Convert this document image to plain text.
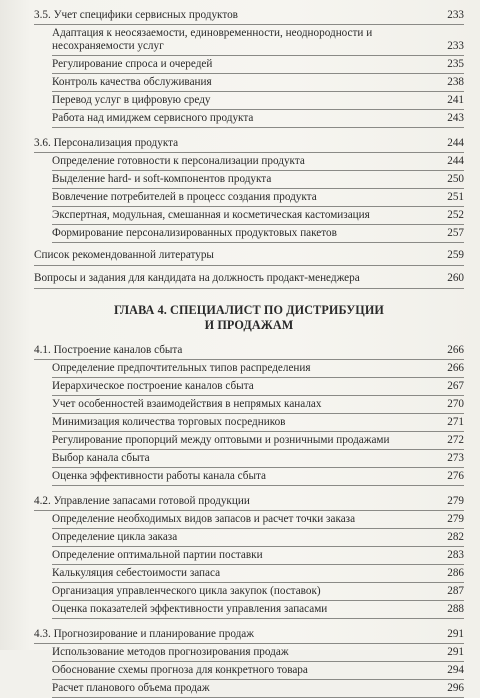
3.5. Учет специфики сервисных продуктов	233
Адаптация к неосязаемости, единовременности, неоднородности и несохраняемости услуг	233
Регулирование спроса и очередей	235
Контроль качества обслуживания	238
Перевод услуг в цифровую среду	241
Работа над имиджем сервисного продукта	243
3.6. Персонализация продукта	244
Определение готовности к персонализации продукта	244
Выделение hard- и soft-компонентов продукта	250
Вовлечение потребителей в процесс создания продукта	251
Экспертная, модульная, смешанная и косметическая кастомизация	252
Формирование персонализированных продуктовых пакетов	257
Список рекомендованной литературы	259
Вопросы и задания для кандидата на должность продакт-менеджера	260
ГЛАВА 4. СПЕЦИАЛИСТ ПО ДИСТРИБУЦИИ
И ПРОДАЖАМ
4.1. Построение каналов сбыта	266
Определение предпочтительных типов распределения	266
Иерархическое построение каналов сбыта	267
Учет особенностей взаимодействия в непрямых каналах	270
Минимизация количества торговых посредников	271
Регулирование пропорций между оптовыми и розничными продажами	272
Выбор канала сбыта	273
Оценка эффективности работы канала сбыта	276
4.2. Управление запасами готовой продукции	279
Определение необходимых видов запасов и расчет точки заказа	279
Определение цикла заказа	282
Определение оптимальной партии поставки	283
Калькуляция себестоимости запаса	286
Организация управленческого цикла закупок (поставок)	287
Оценка показателей эффективности управления запасами	288
4.3. Прогнозирование и планирование продаж	291
Использование методов прогнозирования продаж	291
Обоснование схемы прогноза для конкретного товара	294
Расчет планового объема продаж	296
